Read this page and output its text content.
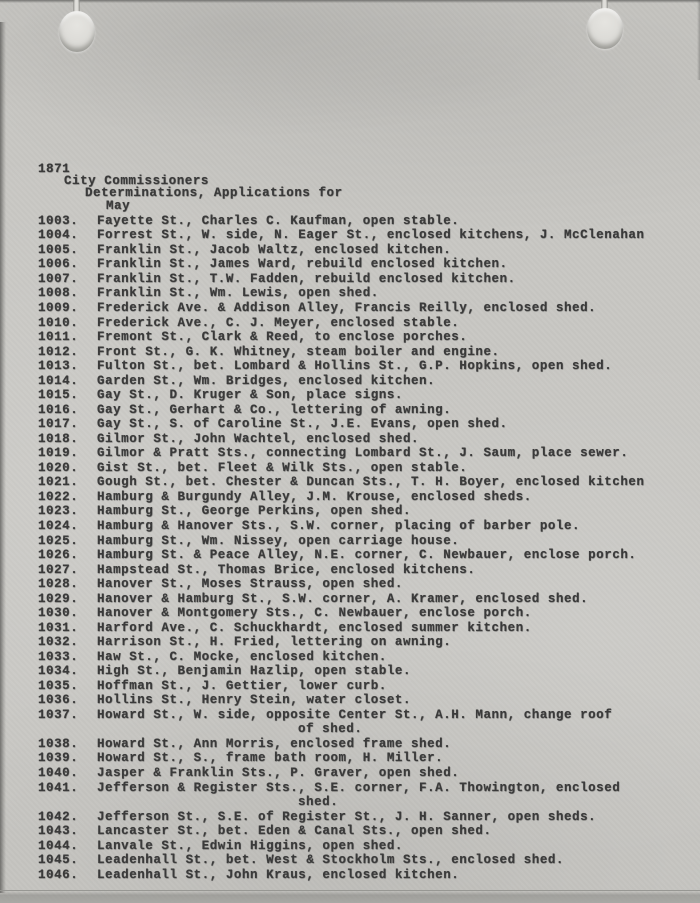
1871
City Commissioners
Determinations, Applications for
May
1003.	Fayette St., Charles C. Kaufman, open stable.
1004.	Forrest St., W. side, N. Eager St., enclosed kitchens, J. McClenahan
1005.	Franklin St., Jacob Waltz, enclosed kitchen.
1006.	Franklin St., James Ward, rebuild enclosed kitchen.
1007.	Franklin St., T.W. Fadden, rebuild enclosed kitchen.
1008.	Franklin St., Wm. Lewis, open shed.
1009.	Frederick Ave. & Addison Alley, Francis Reilly, enclosed shed.
1010.	Frederick Ave., C. J. Meyer, enclosed stable.
1011.	Fremont St., Clark & Reed, to enclose porches.
1012.	Front St., G. K. Whitney, steam boiler and engine.
1013.	Fulton St., bet. Lombard & Hollins St., G.P. Hopkins, open shed.
1014.	Garden St., Wm. Bridges, enclosed kitchen.
1015.	Gay St., D. Kruger & Son, place signs.
1016.	Gay St., Gerhart & Co., lettering of awning.
1017.	Gay St., S. of Caroline St., J.E. Evans, open shed.
1018.	Gilmor St., John Wachtel, enclosed shed.
1019.	Gilmor & Pratt Sts., connecting Lombard St., J. Saum, place sewer.
1020.	Gist St., bet. Fleet & Wilk Sts., open stable.
1021.	Gough St., bet. Chester & Duncan Sts., T. H. Boyer, enclosed kitchen
1022.	Hamburg & Burgundy Alley, J.M. Krouse, enclosed sheds.
1023.	Hamburg St., George Perkins, open shed.
1024.	Hamburg & Hanover Sts., S.W. corner, placing of barber pole.
1025.	Hamburg St., Wm. Nissey, open carriage house.
1026.	Hamburg St. & Peace Alley, N.E. corner, C. Newbauer, enclose porch.
1027.	Hampstead St., Thomas Brice, enclosed kitchens.
1028.	Hanover St., Moses Strauss, open shed.
1029.	Hanover & Hamburg St., S.W. corner, A. Kramer, enclosed shed.
1030.	Hanover & Montgomery Sts., C. Newbauer, enclose porch.
1031.	Harford Ave., C. Schuckhardt, enclosed summer kitchen.
1032.	Harrison St., H. Fried, lettering on awning.
1033.	Haw St., C. Mocke, enclosed kitchen.
1034.	High St., Benjamin Hazlip, open stable.
1035.	Hoffman St., J. Gettier, lower curb.
1036.	Hollins St., Henry Stein, water closet.
1037.	Howard St., W. side, opposite Center St., A.H. Mann, change roof
of shed.
1038.	Howard St., Ann Morris, enclosed frame shed.
1039.	Howard St., S., frame bath room, H. Miller.
1040.	Jasper & Franklin Sts., P. Graver, open shed.
1041.	Jefferson & Register Sts., S.E. corner, F.A. Thowington, enclosed
shed.
1042.	Jefferson St., S.E. of Register St., J. H. Sanner, open sheds.
1043.	Lancaster St., bet. Eden & Canal Sts., open shed.
1044.	Lanvale St., Edwin Higgins, open shed.
1045.	Leadenhall St., bet. West & Stockholm Sts., enclosed shed.
1046.	Leadenhall St., John Kraus, enclosed kitchen.
